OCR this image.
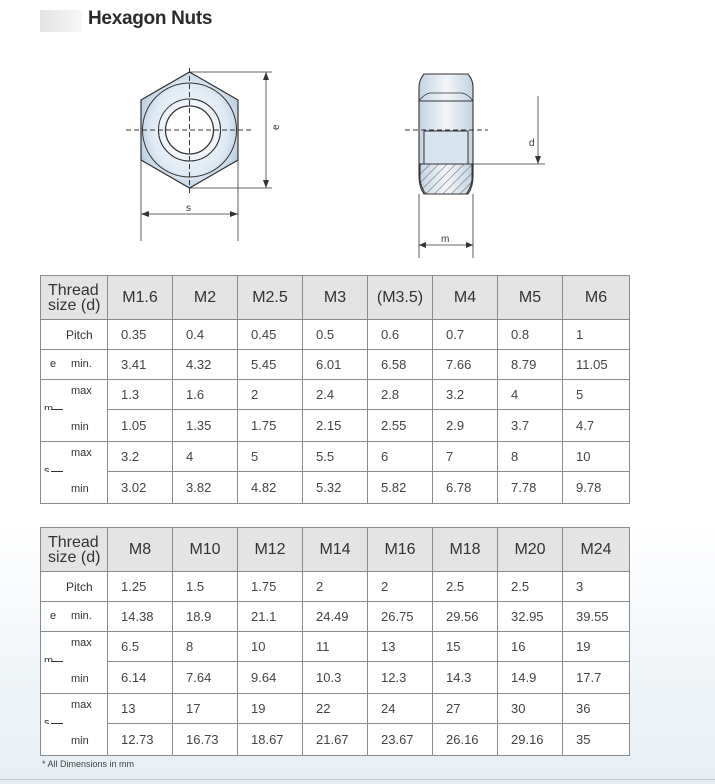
Hexagon Nuts
e
s
d
m
Thread
size (d)	M1.6	M2	M2.5	M3	(M3.5)	M4	M5	M6

Pitch	0.35	0.4	0.45	0.5	0.6	0.7	0.8	1

e min.	3.41	4.32	5.45	6.01	6.58	7.66	8.79	11.05

max	1.3	1.6	2	2.4	2.8	3.2	4	5

min	1.05	1.35	1.75	2.15	2.55	2.9	3.7	4.7

max	3.2	4	5	5.5	6	7	8	10

min	3.02	3.82	4.82	5.32	5.82	6.78	7.78	9.78
Thread
size (d)	M8	M10	M12	M14	M16	M18	M20	M24

Pitch	1.25	1.5	1.75	2	2	2.5	2.5	3

e min.	14.38	18.9	21.1	24.49	26.75	29.56	32.95	39.55

max	6.5	8	10	11	13	15	16	19

min	6.14	7.64	9.64	10.3	12.3	14.3	14.9	17.7

max	13	17	19	22	24	27	30	36

min	12.73	16.73	18.67	21.67	23.67	26.16	29.16	35
* All Dimensions in mm
